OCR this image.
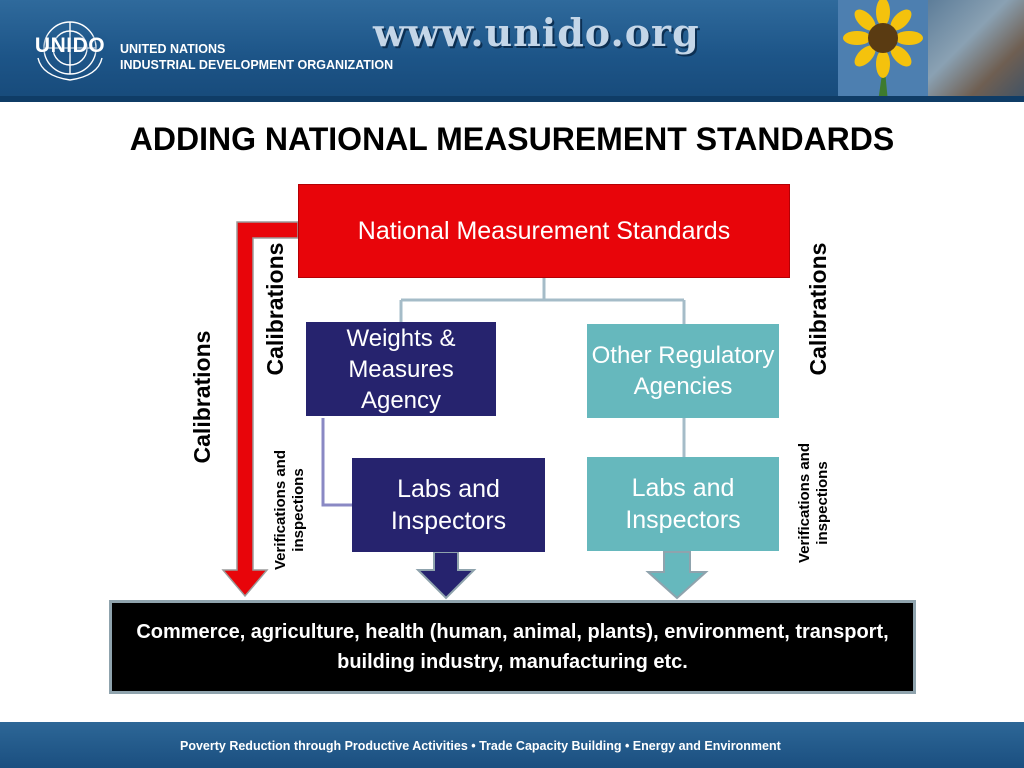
UNIDO	UNITED NATIONS
INDUSTRIAL DEVELOPMENT ORGANIZATION
www.unido.org
ADDING NATIONAL MEASUREMENT STANDARDS
National Measurement Standards
Weights & Measures Agency
Other Regulatory Agencies
Labs and Inspectors
Labs and Inspectors
Commerce, agriculture, health (human, animal, plants), environment, transport, building industry, manufacturing etc.
Calibrations
Calibrations	Calibrations
Verifications and inspections	Verifications and inspections
Poverty Reduction through Productive Activities • Trade Capacity Building • Energy and Environment
